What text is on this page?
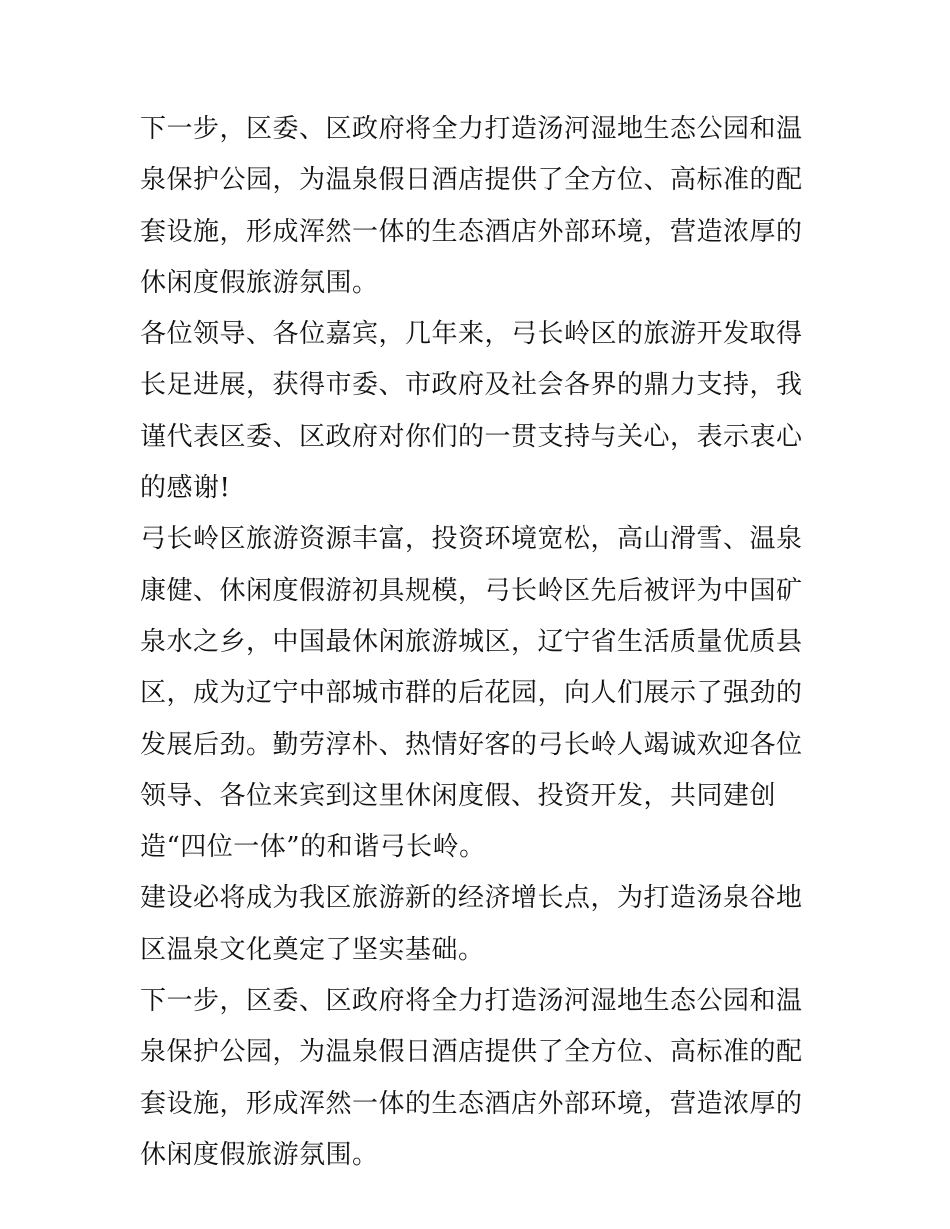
下一步，区委、区政府将全力打造汤河湿地生态公园和温泉保护公园，为温泉假日酒店提供了全方位、高标准的配套设施，形成浑然一体的生态酒店外部环境，营造浓厚的休闲度假旅游氛围。

各位领导、各位嘉宾，几年来，弓长岭区的旅游开发取得长足进展，获得市委、市政府及社会各界的鼎力支持，我谨代表区委、区政府对你们的一贯支持与关心，表示衷心的感谢!

弓长岭区旅游资源丰富，投资环境宽松，高山滑雪、温泉康健、休闲度假游初具规模，弓长岭区先后被评为中国矿泉水之乡，中国最休闲旅游城区，辽宁省生活质量优质县区，成为辽宁中部城市群的后花园，向人们展示了强劲的发展后劲。勤劳淳朴、热情好客的弓长岭人竭诚欢迎各位领导、各位来宾到这里休闲度假、投资开发，共同建创造“四位一体”的和谐弓长岭。

建设必将成为我区旅游新的经济增长点，为打造汤泉谷地区温泉文化奠定了坚实基础。

下一步，区委、区政府将全力打造汤河湿地生态公园和温泉保护公园，为温泉假日酒店提供了全方位、高标准的配套设施，形成浑然一体的生态酒店外部环境，营造浓厚的休闲度假旅游氛围。
